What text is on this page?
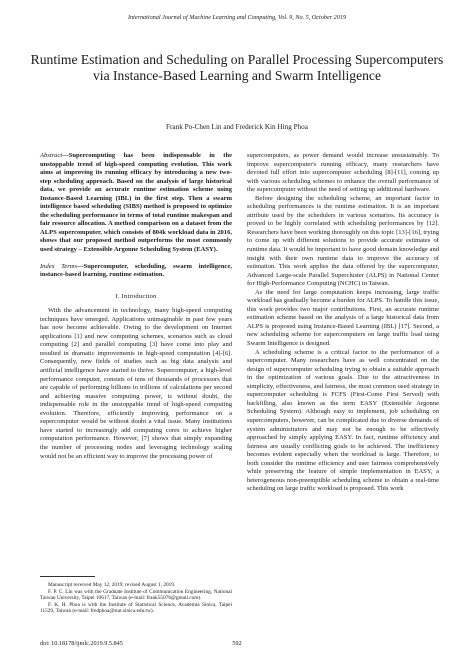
International Journal of Machine Learning and Computing, Vol. 9, No. 5, October 2019
Runtime Estimation and Scheduling on Parallel Processing Supercomputers via Instance-Based Learning and Swarm Intelligence
Frank Po-Chen Lin and Frederick Kin Hing Phoa

Abstract—Supercomputing has been indispensable in the unstoppable trend of high-speed computing evolution. This work aims at improving its running efficacy by introducing a new two-step scheduling approach. Based on the analysis of large historical data, we provide an accurate runtime estimation scheme using Instance-Based Learning (IBL) in the first step. Then a swarm intelligence based scheduling (SIBS) method is proposed to optimize the scheduling performance in terms of total runtime makespan and fair resource allocation. A method comparison on a dataset from the ALPS supercomputer, which consists of 804k workload data in 2016, shows that our proposed method outperforms the most commonly used strategy – Extensible Argonne Scheduling System (EASY).

Index Terms—Supercomputer, scheduling, swarm intelligence, instance-based learning, runtime estimation.

I. Introduction

With the advancement in technology, many high-speed computing techniques have emerged. Applications unimaginable in past few years has now become achievable. Owing to the development on Internet applications [1] and new computing schemes, scenarios such as cloud computing [2] and parallel computing [3] have come into play and resulted in dramatic improvements in high-speed computation [4]-[6]. Consequently, new fields of studies such as big data analysis and artificial intelligence have started to thrive. Supercomputer, a high-level performance computer, consists of tens of thousands of processors that are capable of performing billions to trillions of calculations per second and achieving massive computing power, is without doubt, the indispensable role in the unstoppable trend of high-speed computing evolution. Therefore, efficiently improving performance on a supercomputer would be without doubt a vital issue. Many institutions have started to increasingly add computing cores to achieve higher computation performance. However, [7] shows that simply expanding the number of processing nodes and leveraging technology scaling would not be an efficient way to improve the processing power of

supercomputers, as power demand would increase unsustainably. To improve supercomputer's running efficacy, many researchers have devoted full effort into supercomputer scheduling [8]-[11], coming up with various scheduling schemes to enhance the overall performance of the supercomputer without the need of setting up additional hardware.

Before designing the scheduling scheme, an important factor in scheduling performances is the runtime estimation. It is an important attribute used by the schedulers in various scenarios. Its accuracy is proved to be highly correlated with scheduling performances by [12]. Researchers have been working thoroughly on this topic [13]-[16], trying to come up with different solutions to provide accurate estimates of runtime data. It would be important to have good domain knowledge and insight with their own runtime data to improve the accuracy of estimation. This work applies the data offered by the supercomputer, Advanced Large-scale Parallel Supercluster (ALPS) in National Center for High-Performance Computing (NCHC) in Taiwan.

As the need for large computation keeps increasing, large traffic workload has gradually become a burden for ALPS. To handle this issue, this work provides two major contributions. First, an accurate runtime estimation scheme based on the analysis of a large historical data from ALPS is proposed using Instance-Based Learning (IBL) [17]. Second, a new scheduling scheme for supercomputers on large traffic load using Swarm Intelligence is designed.

A scheduling scheme is a critical factor to the performance of a supercomputer. Many researchers have as well concentrated on the design of supercomputer scheduling trying to obtain a suitable approach in the optimization of various goals. Due to the attractiveness in simplicity, effectiveness, and fairness, the most common used strategy in supercomputer scheduling is FCFS (First-Come First Served) with backfilling, also known as the term EASY (Extensible Argonne Scheduling System). Although easy to implement, job scheduling on supercomputers, however, can be complicated due to diverse demands of system administrators and may not be enough to be effectively approached by simply applying EASY. In fact, runtime efficiency and fairness are usually conflicting goals to be achieved. The inefficiency becomes evident especially when the workload is large. Therefore, to both consider the runtime efficiency and user fairness comprehensively while preserving the feature of simple implementation in EASY, a heterogeneous non-preemptible scheduling scheme to obtain a real-time scheduling on large traffic workload is proposed. This work

Manuscript received May 12, 2019; revised August 1, 2019.

F. P. C. Lin was with the Graduate Institute of Communication Engineering, National Taiwan University, Taipei 10617, Taiwan (e-mail: frank55076@gmail.com).

F. K. H. Phoa is with the Institute of Statistical Science, Academia Sinica, Taipei 11529, Taiwan (e-mail: fredphoa@stat.sinica.edu.tw).

doi: 10.18178/ijmlc.2019.9.5.845	592
